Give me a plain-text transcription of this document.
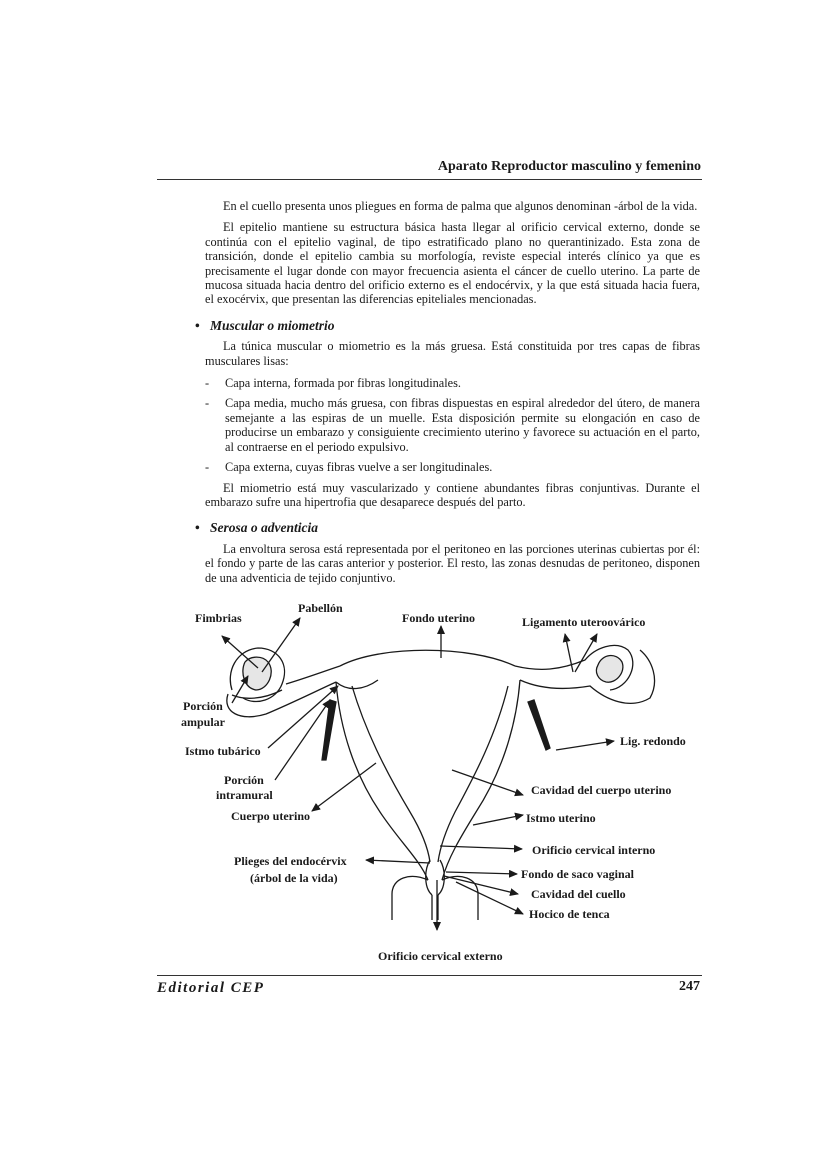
Aparato Reproductor masculino y femenino

En el cuello presenta unos pliegues en forma de palma que algunos denominan -árbol de la vida.

El epitelio mantiene su estructura básica hasta llegar al orificio cervical externo, donde se continúa con el epitelio vaginal, de tipo estratificado plano no querantinizado. Esta zona de transición, donde el epitelio cambia su morfología, reviste especial interés clínico ya que es precisamente el lugar donde con mayor frecuencia asienta el cáncer de cuello uterino. La parte de mucosa situada hacia dentro del orificio externo es el endocérvix, y la que está situada hacia fuera, el exocérvix, que presentan las diferencias epiteliales mencionadas.

• Muscular o miometrio

La túnica muscular o miometrio es la más gruesa. Está constituida por tres capas de fibras musculares lisas:

- Capa interna, formada por fibras longitudinales.
- Capa media, mucho más gruesa, con fibras dispuestas en espiral alrededor del útero, de manera semejante a las espiras de un muelle. Esta disposición permite su elongación en caso de producirse un embarazo y consiguiente crecimiento uterino y favorece su actuación en el parto, al contraerse en el periodo expulsivo.
- Capa externa, cuyas fibras vuelve a ser longitudinales.

El miometrio está muy vascularizado y contiene abundantes fibras conjuntivas. Durante el embarazo sufre una hipertrofia que desaparece después del parto.

• Serosa o adventicia

La envoltura serosa está representada por el peritoneo en las porciones uterinas cubiertas por él: el fondo y parte de las caras anterior y posterior. El resto, las zonas desnudas de peritoneo, disponen de una adventicia de tejido conjuntivo.

Fimbrias
Pabellón
Fondo uterino	Ligamento uteroovárico
Porción
ampular
Istmo tubárico
Lig. redondo
Porción
intramural	Cavidad del cuerpo uterino
Cuerpo uterino	Istmo uterino
Orificio cervical interno
Plieges del endocérvix
(árbol de la vida)	Fondo de saco vaginal
Cavidad del cuello
Hocico de tenca
Orificio cervical externo
Editorial CEP	247
